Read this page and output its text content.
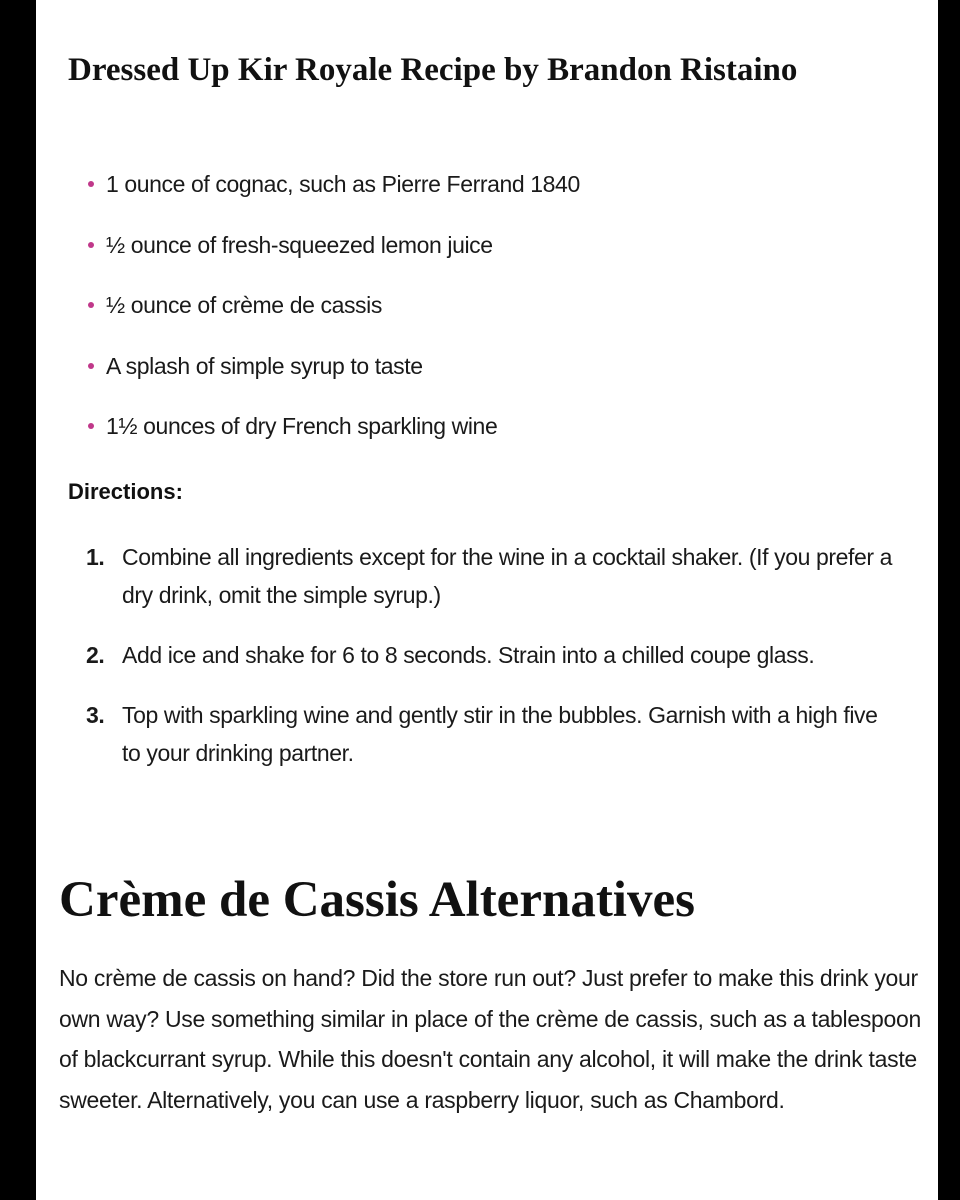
Dressed Up Kir Royale Recipe by Brandon Ristaino
1 ounce of cognac, such as Pierre Ferrand 1840
½ ounce of fresh-squeezed lemon juice
½ ounce of crème de cassis
A splash of simple syrup to taste
1½ ounces of dry French sparkling wine

Directions:

1. Combine all ingredients except for the wine in a cocktail shaker. (If you prefer a dry drink, omit the simple syrup.)
2. Add ice and shake for 6 to 8 seconds. Strain into a chilled coupe glass.
3. Top with sparkling wine and gently stir in the bubbles. Garnish with a high five to your drinking partner.
Crème de Cassis Alternatives

No crème de cassis on hand? Did the store run out? Just prefer to make this drink your own way? Use something similar in place of the crème de cassis, such as a tablespoon of blackcurrant syrup. While this doesn't contain any alcohol, it will make the drink taste sweeter. Alternatively, you can use a raspberry liquor, such as Chambord.
